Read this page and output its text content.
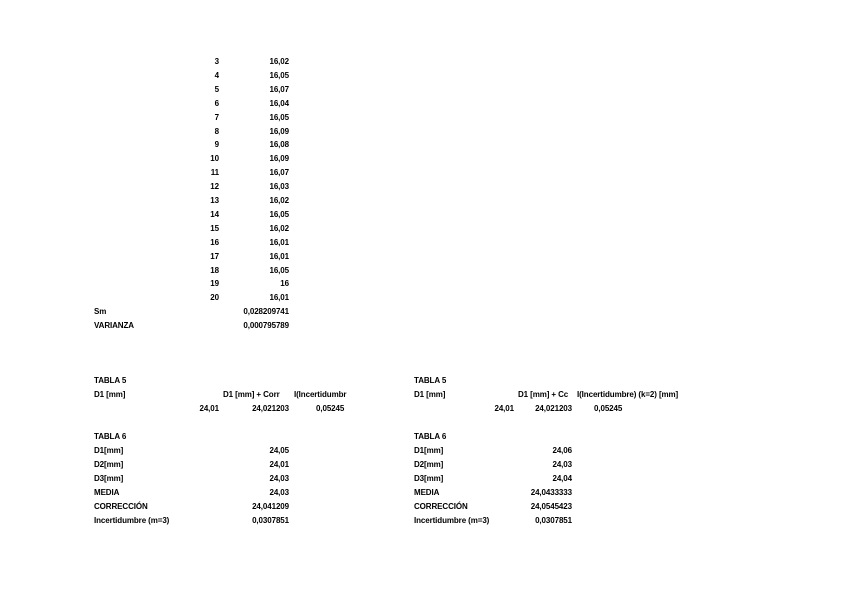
3	16,02
4	16,05
5	16,07
6	16,04
7	16,05
8	16,09
9	16,08
10	16,09
11	16,07
12	16,03
13	16,02
14	16,05
15	16,02
16	16,01
17	16,01
18	16,05
19	16
20	16,01
Sm	0,028209741
VARIANZA	0,000795789
TABLA 5
D1 [mm]	D1 [mm] + Corr	I(Incertidumbr
24,01	24,021203	0,05245
TABLA 6
D1[mm]	24,05
D2[mm]	24,01
D3[mm]	24,03
MEDIA	24,03
CORRECCIÓN	24,041209
Incertidumbre (m=3)	0,0307851
TABLA 5
D1 [mm]	D1 [mm] + Cc	I(Incertidumbre) (k=2) [mm]
24,01	24,021203	0,05245
TABLA 6
D1[mm]	24,06
D2[mm]	24,03
D3[mm]	24,04
MEDIA	24,0433333
CORRECCIÓN	24,0545423
Incertidumbre (m=3)	0,0307851
